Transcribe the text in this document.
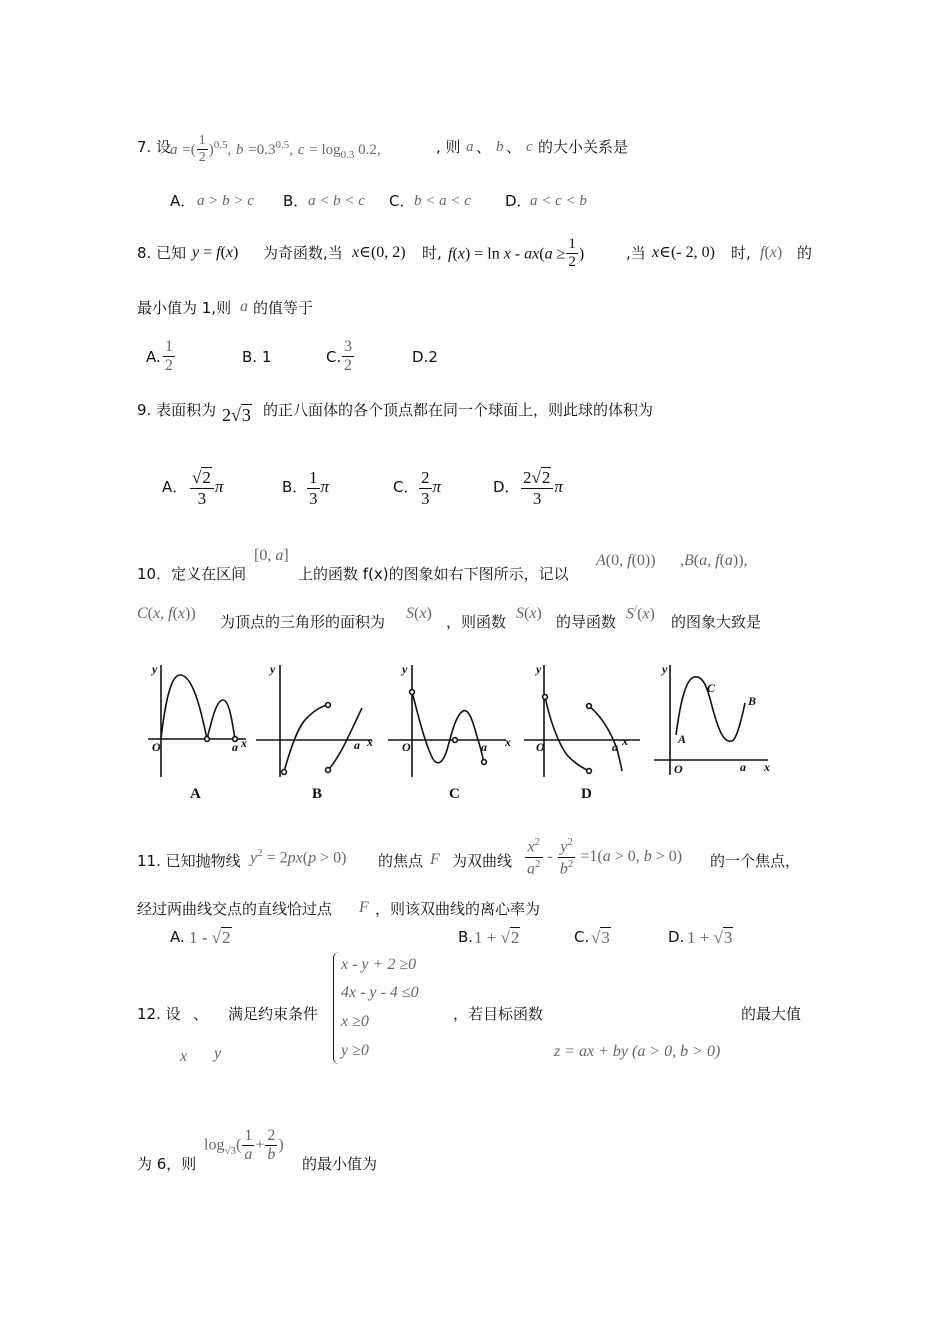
7. 设
a =( $\frac{1}{2} )^{0.5}$, $b =0.3^{0.5}$, $c = \log_{0.3} 0.2$,	, 则 a 、 b 、 c 的大小关系是
A． a > b > c B． a < b < c C． b < a < c D．
a < c < b
8. 已知 y = f(x) 为奇函数,当 x∈(0, 2) 时, $f(x) = \ln x - ax(a \ge \frac{1}{2}$ )	,当 x∈(- 2, 0) 时, f(x) 的
最小值为 1,则 a 的值等于
A. $\frac{1}{2}$	B. 1	C. $\frac{3}{2}$	D.2
9. 表面积为 2√3 的正八面体的各个顶点都在同一个球面上，则此球的体积为
A． $\frac{√2}{3}$ π	B． $\frac{1}{3}$ π	C． $\frac{2}{3}$ π	D． $\frac{2√2}{3}$ π
10．定义在区间
[0, a]
上的函数 f(x)的图象如右下图所示，记以
A(0, f(0)) ,B(a, f(a)),
C(x, f(x)) 为顶点的三角形的面积为 S(x) ，则函数 S(x) 的导函数 S/(x) 的图象大致是
y
O	a x
y
a x
y
O	a x
y
O	a x
y
O	a x
A
C
B
A	B	C	D
11. 已知抛物线 $y^2 = 2px(p > 0)$ 的焦点 F 为双曲线 $\frac{x^2}{a^2} - \frac{y^2}{b^2} =1(a > 0$, b > 0) 的一个焦点，
经过两曲线交点的直线恰过点 F ，则该双曲线的离心率为
A. 1 - √2	B. 1 + √2	C. √3	D. 1 + √3
12. 设 、 满足约束条件
x y
x - y + 2 ≥0
4x - y - 4 ≤0
x ≥0
y ≥0
，若目标函数
z = ax + by (a > 0, b > 0)
的最大值
为 6，则
$\log_{√3}( \frac{1}{a} + \frac{2}{b}$ )
的最小值为
